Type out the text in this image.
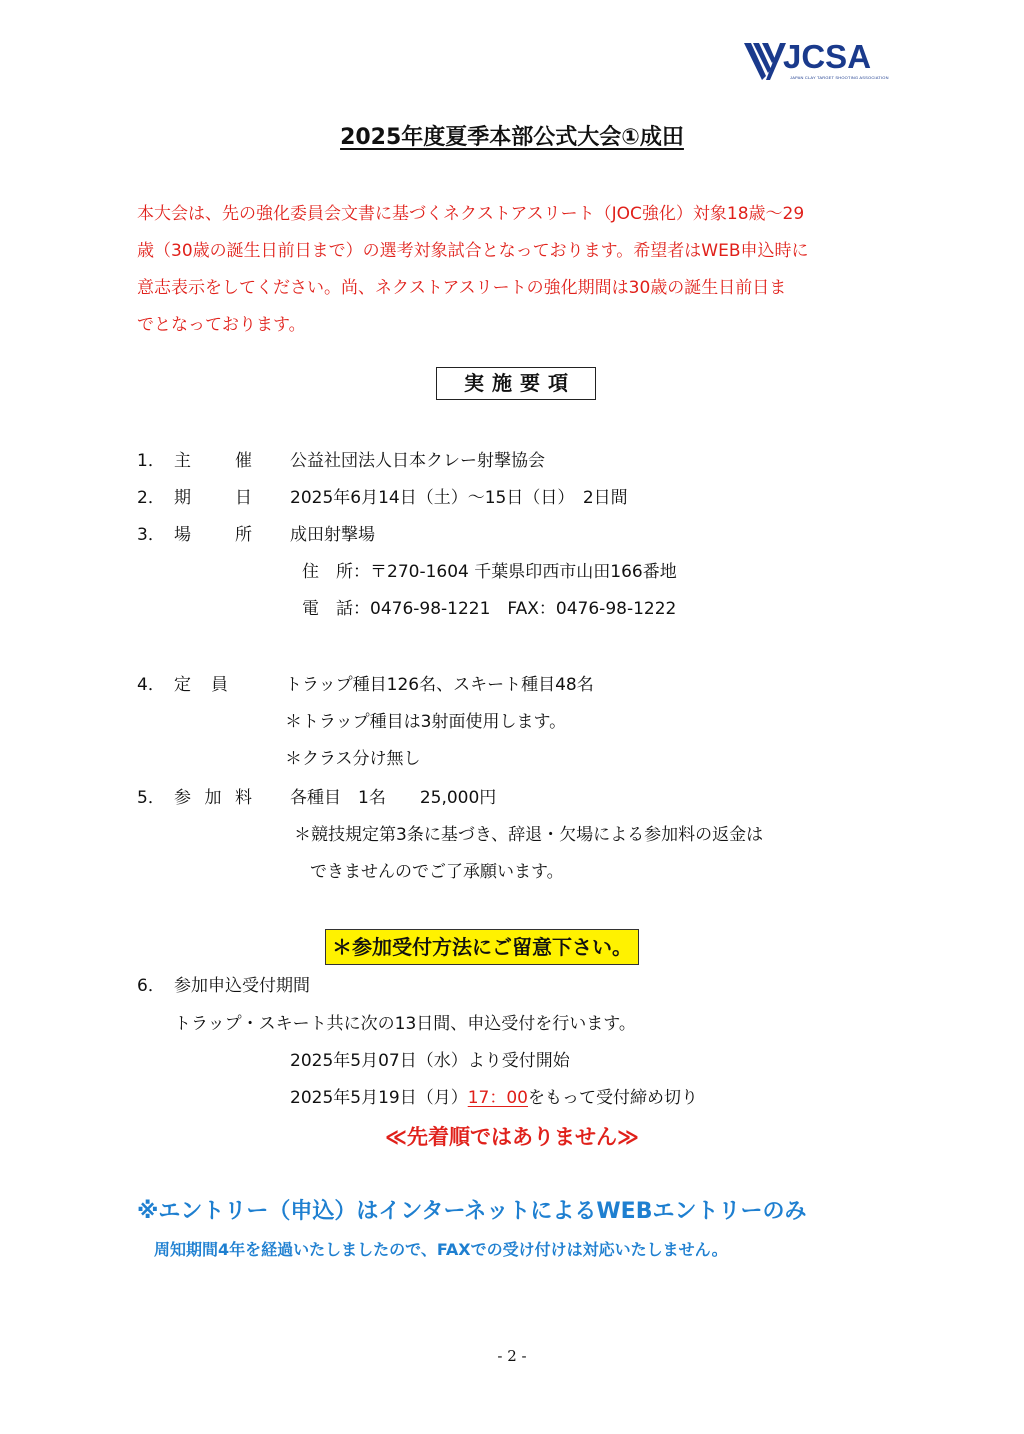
JCSA
JAPAN CLAY TARGET SHOOTING ASSOCIATION
2025年度夏季本部公式大会①成田
本大会は、先の強化委員会文書に基づくネクストアスリート（JOC強化）対象18歳〜29
歳（30歳の誕生日前日まで）の選考対象試合となっております。希望者はWEB申込時に
意志表示をしてください。尚、ネクストアスリートの強化期間は30歳の誕生日前日ま
でとなっております。
実施要項
1． 主	催 公益社団法人日本クレー射撃協会
2． 期	日 2025年6月14日（土）〜15日（日）　2日間
3． 場	所 成田射撃場
住　所：〒270-1604 千葉県印西市山田166番地
電　話：0476-98-1221　FAX：0476-98-1222
4． 定 員	トラップ種目126名、スキート種目48名
＊トラップ種目は3射面使用します。
＊クラス分け無し
5． 参 加 料 各種目　1名　　25,000円
＊競技規定第3条に基づき、辞退・欠場による参加料の返金は
できませんのでご了承願います。
＊参加受付方法にご留意下さい。
6． 参加申込受付期間
トラップ・スキート共に次の13日間、申込受付を行います。
2025年5月07日（水）より受付開始
2025年5月19日（月）17：00をもって受付締め切り
≪先着順ではありません≫
※エントリー（申込）はインターネットによるWEBエントリーのみ
周知期間4年を経過いたしましたので、FAXでの受け付けは対応いたしません。
- 2 -
